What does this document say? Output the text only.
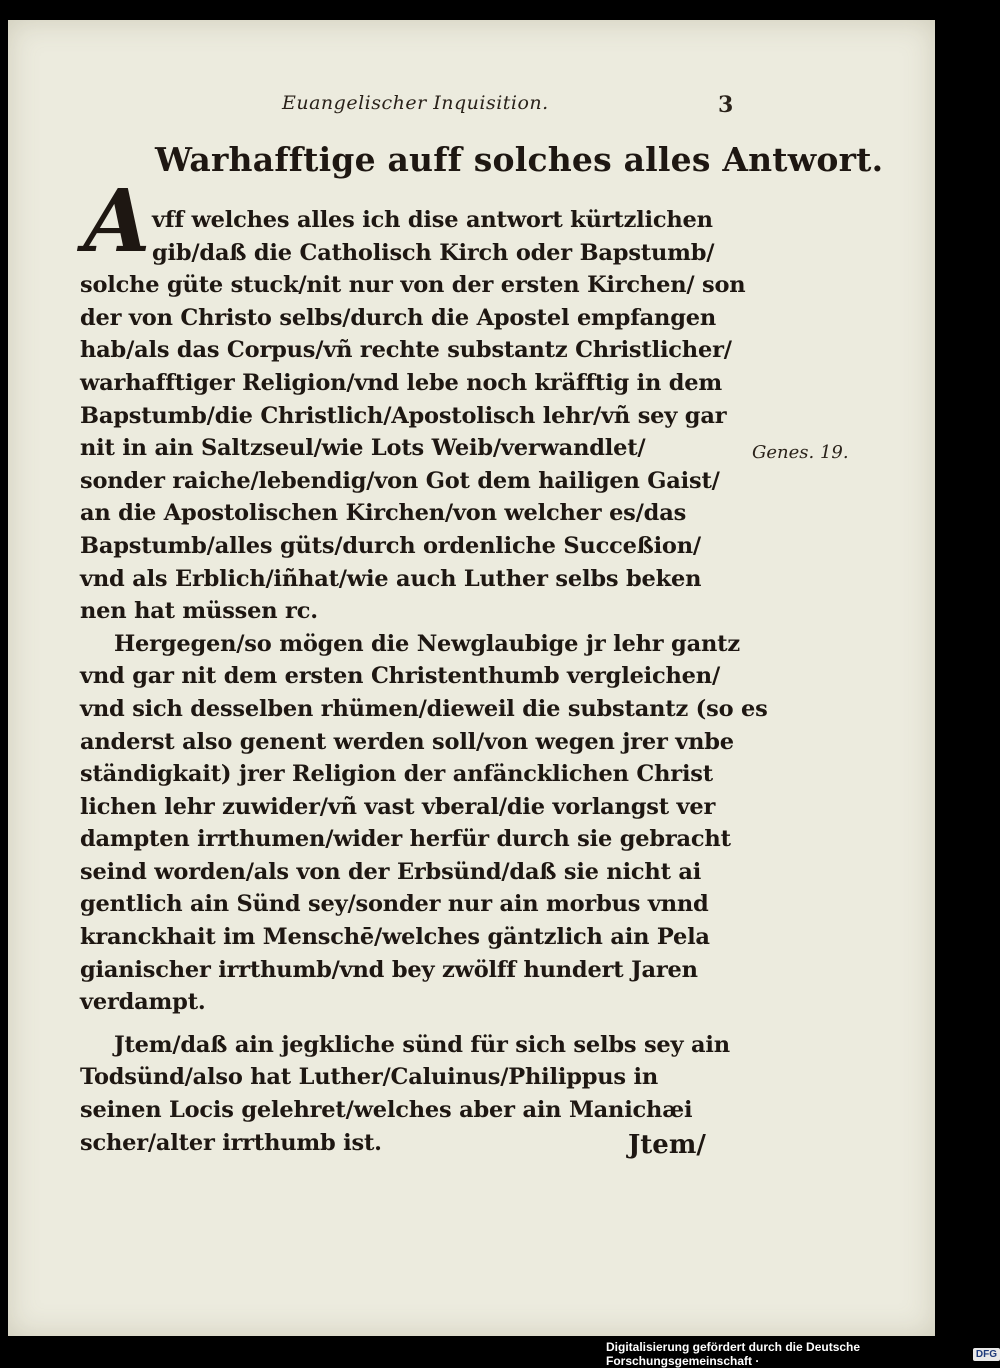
Euangelischer Inquisition.	3
Warhafftige auff solches alles Antwort.
A vff welches alles ich dise antwort kürtzlichen
gib/daß die Catholisch Kirch oder Bapstumb/
solche güte stuck/nit nur von der ersten Kirchen/ son
der von Christo selbs/durch die Apostel empfangen
hab/als das Corpus/vñ rechte substantz Christlicher/
warhafftiger Religion/vnd lebe noch kräfftig in dem
Bapstumb/die Christlich/Apostolisch lehr/vñ sey gar
nit in ain Saltzseul/wie Lots Weib/verwandlet/
sonder raiche/lebendig/von Got dem hailigen Gaist/
an die Apostolischen Kirchen/von welcher es/das
Bapstumb/alles güts/durch ordenliche Succeßion/
vnd als Erblich/iñhat/wie auch Luther selbs beken
nen hat müssen rc.
Hergegen/so mögen die Newglaubige jr lehr gantz
vnd gar nit dem ersten Christenthumb vergleichen/
vnd sich desselben rhümen/dieweil die substantz (so es
anderst also genent werden soll/von wegen jrer vnbe
ständigkait) jrer Religion der anfäncklichen Christ
lichen lehr zuwider/vñ vast vberal/die vorlangst ver
dampten irrthumen/wider herfür durch sie gebracht
seind worden/als von der Erbsünd/daß sie nicht ai
gentlich ain Sünd sey/sonder nur ain morbus vnnd
kranckhait im Menschē/welches gäntzlich ain Pela
gianischer irrthumb/vnd bey zwölff hundert Jaren
verdampt.
Jtem/daß ain jegkliche sünd für sich selbs sey ain
Todsünd/also hat Luther/Caluinus/Philippus in
seinen Locis gelehret/welches aber ain Manichæi
scher/alter irrthumb ist.
Genes. 19.
Jtem/
Digitalisierung gefördert durch die Deutsche Forschungsgemeinschaft ·	DFG
